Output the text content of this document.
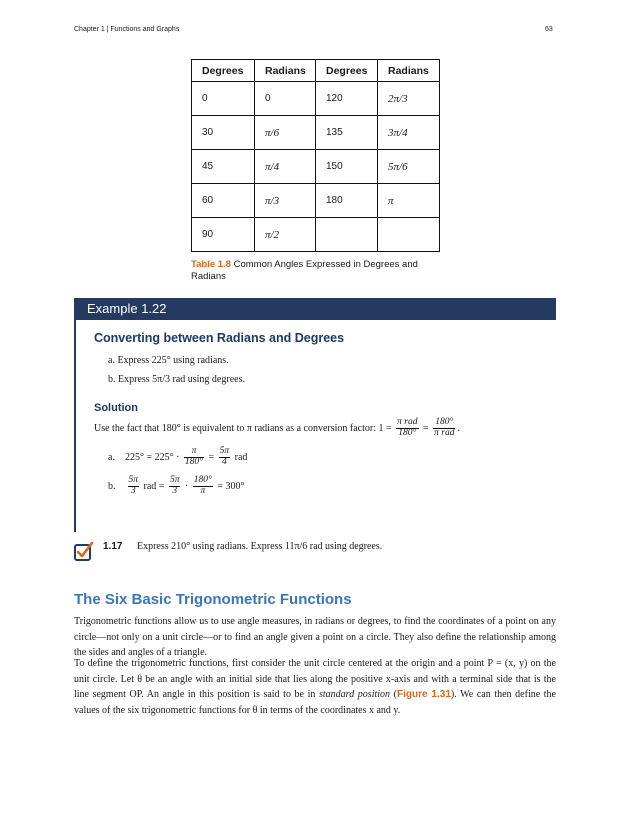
Chapter 1 | Functions and Graphs	63
Degrees	Radians	Degrees	Radians
0	0	120	2π/3
30	π/6	135	3π/4
45	π/4	150	5π/6
60	π/3	180	π
90	π/2		
Table 1.8 Common Angles Expressed in Degrees and Radians
Example 1.22
Converting between Radians and Degrees
a. Express 225° using radians.
b. Express 5π/3 rad using degrees.
Solution
Use the fact that 180° is equivalent to π radians as a conversion factor: $1 = \frac{\text{π rad}}{180^\circ} = \frac{180^\circ}{\text{π rad}}$ .
a. $225^\circ = 225^\circ \cdot \frac{\pi}{180^\circ} = \frac{5\pi}{4}$ rad
b. $\frac{5\pi}{3}$ rad = $\frac{5\pi}{3} \cdot \frac{180^\circ}{\pi} = 300^\circ$
1.17 Express 210° using radians. Express 11π/6 rad using degrees.
The Six Basic Trigonometric Functions
Trigonometric functions allow us to use angle measures, in radians or degrees, to find the coordinates of a point on any circle—not only on a unit circle—or to find an angle given a point on a circle. They also define the relationship among the sides and angles of a triangle.
To define the trigonometric functions, first consider the unit circle centered at the origin and a point P = (x, y) on the unit circle. Let θ be an angle with an initial side that lies along the positive x-axis and with a terminal side that is the line segment OP. An angle in this position is said to be in standard position (Figure 1.31). We can then define the values of the six trigonometric functions for θ in terms of the coordinates x and y.
